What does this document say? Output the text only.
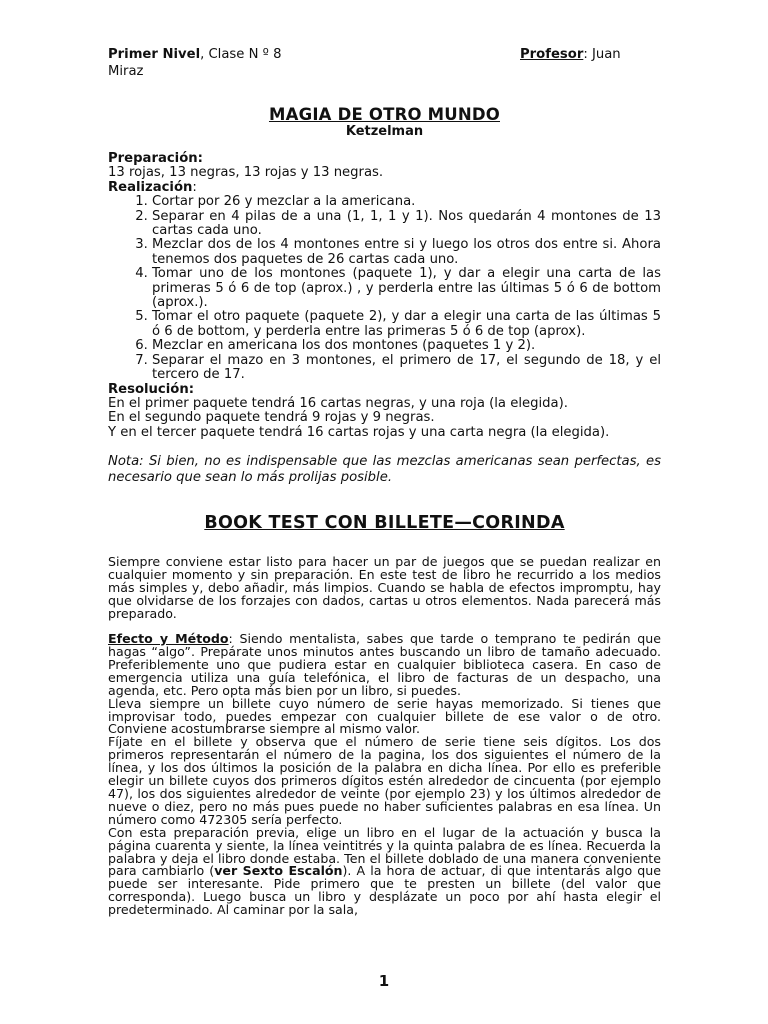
Primer Nivel, Clase N º 8
Miraz
Profesor: Juan
MAGIA DE OTRO MUNDO
Ketzelman
Preparación:
13 rojas, 13 negras, 13 rojas y 13 negras.
Realización:
1. Cortar por 26 y mezclar a la americana.
2. Separar en 4 pilas de a una (1, 1, 1 y 1). Nos quedarán 4 montones de 13 cartas cada uno.
3. Mezclar dos de los 4 montones entre si y luego los otros dos entre si. Ahora tenemos dos paquetes de 26 cartas cada uno.
4. Tomar uno de los montones (paquete 1), y dar a elegir una carta de las primeras 5 ó 6 de top (aprox.) , y perderla entre las últimas 5 ó 6 de bottom (aprox.).
5. Tomar el otro paquete (paquete 2), y dar a elegir una carta de las últimas 5 ó 6 de bottom, y perderla entre las primeras 5 ó 6 de top (aprox).
6. Mezclar en americana los dos montones (paquetes 1 y 2).
7. Separar el mazo en 3 montones, el primero de 17, el segundo de 18, y el tercero de 17.
Resolución:
En el primer paquete tendrá 16 cartas negras, y una roja (la elegida).
En el segundo paquete tendrá 9 rojas y 9 negras.
Y en el tercer paquete tendrá 16 cartas rojas y una carta negra (la elegida).
Nota: Si bien, no es indispensable que las mezclas americanas sean perfectas, es necesario que sean lo más prolijas posible.
BOOK TEST CON BILLETE—CORINDA
Siempre conviene estar listo para hacer un par de juegos que se puedan realizar en cualquier momento y sin preparación. En este test de libro he recurrido a los medios más simples y, debo añadir, más limpios. Cuando se habla de efectos impromptu, hay que olvidarse de los forzajes con dados, cartas u otros elementos. Nada parecerá más preparado.

Efecto y Método: Siendo mentalista, sabes que tarde o temprano te pedirán que hagas “algo”. Prepárate unos minutos antes buscando un libro de tamaño adecuado. Preferiblemente uno que pudiera estar en cualquier biblioteca casera. En caso de emergencia utiliza una guía telefónica, el libro de facturas de un despacho, una agenda, etc. Pero opta más bien por un libro, si puedes.

Lleva siempre un billete cuyo número de serie hayas memorizado. Si tienes que improvisar todo, puedes empezar con cualquier billete de ese valor o de otro. Conviene acostumbrarse siempre al mismo valor.

Fíjate en el billete y observa que el número de serie tiene seis dígitos. Los dos primeros representarán el número de la pagina, los dos siguientes el número de la línea, y los dos últimos la posición de la palabra en dicha línea. Por ello es preferible elegir un billete cuyos dos primeros dígitos estén alrededor de cincuenta (por ejemplo 47), los dos siguientes alrededor de veinte (por ejemplo 23) y los últimos alrededor de nueve o diez, pero no más pues puede no haber suficientes palabras en esa línea. Un número como 472305 sería perfecto.

Con esta preparación previa, elige un libro en el lugar de la actuación y busca la página cuarenta y siente, la línea veintitrés y la quinta palabra de es línea. Recuerda la palabra y deja el libro donde estaba. Ten el billete doblado de una manera conveniente para cambiarlo (ver Sexto Escalón). A la hora de actuar, di que intentarás algo que puede ser interesante. Pide primero que te presten un billete (del valor que corresponda). Luego busca un libro y desplázate un poco por ahí hasta elegir el predeterminado. Al caminar por la sala,

1
